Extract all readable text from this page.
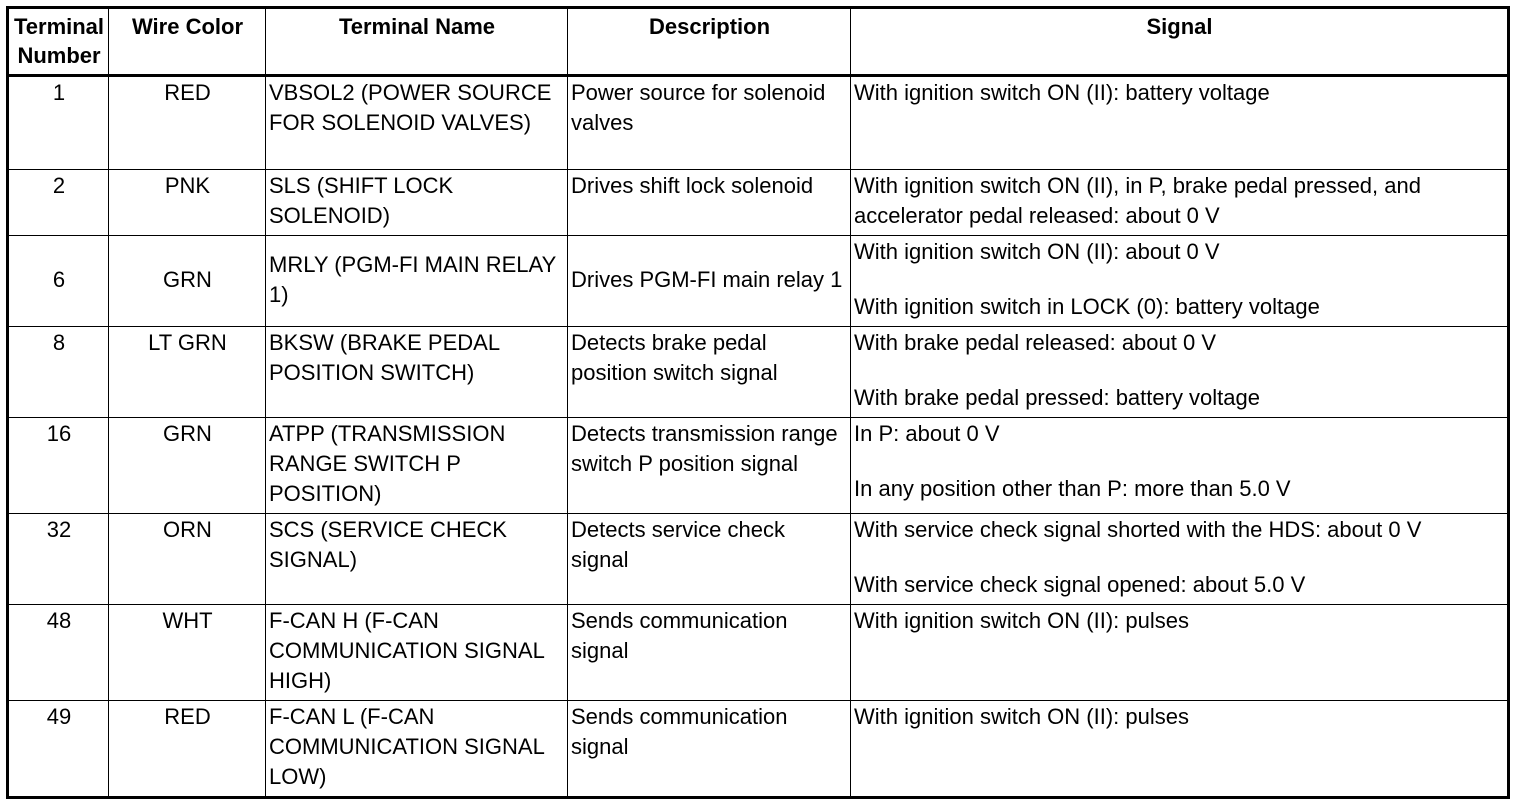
Terminal
Number	Wire Color	Terminal Name	Description	Signal
1	RED	VBSOL2 (POWER SOURCE FOR SOLENOID VALVES)	Power source for solenoid valves	With ignition switch ON (II): battery voltage

2	PNK	SLS (SHIFT LOCK SOLENOID)	Drives shift lock solenoid	With ignition switch ON (II), in P, brake pedal pressed, and accelerator pedal released: about 0 V

6	GRN	MRLY (PGM-FI MAIN RELAY 1)	Drives PGM-FI main relay 1	With ignition switch ON (II): about 0 V
With ignition switch in LOCK (0): battery voltage

8	LT GRN	BKSW (BRAKE PEDAL POSITION SWITCH)	Detects brake pedal position switch signal	With brake pedal released: about 0 V
With brake pedal pressed: battery voltage

16	GRN	ATPP (TRANSMISSION RANGE SWITCH P POSITION)	Detects transmission range switch P position signal	In P: about 0 V
In any position other than P: more than 5.0 V

32	ORN	SCS (SERVICE CHECK SIGNAL)	Detects service check signal	With service check signal shorted with the HDS: about 0 V
With service check signal opened: about 5.0 V

48	WHT	F-CAN H (F-CAN COMMUNICATION SIGNAL HIGH)	Sends communication signal	With ignition switch ON (II): pulses

49	RED	F-CAN L (F-CAN COMMUNICATION SIGNAL LOW)	Sends communication signal	With ignition switch ON (II): pulses
